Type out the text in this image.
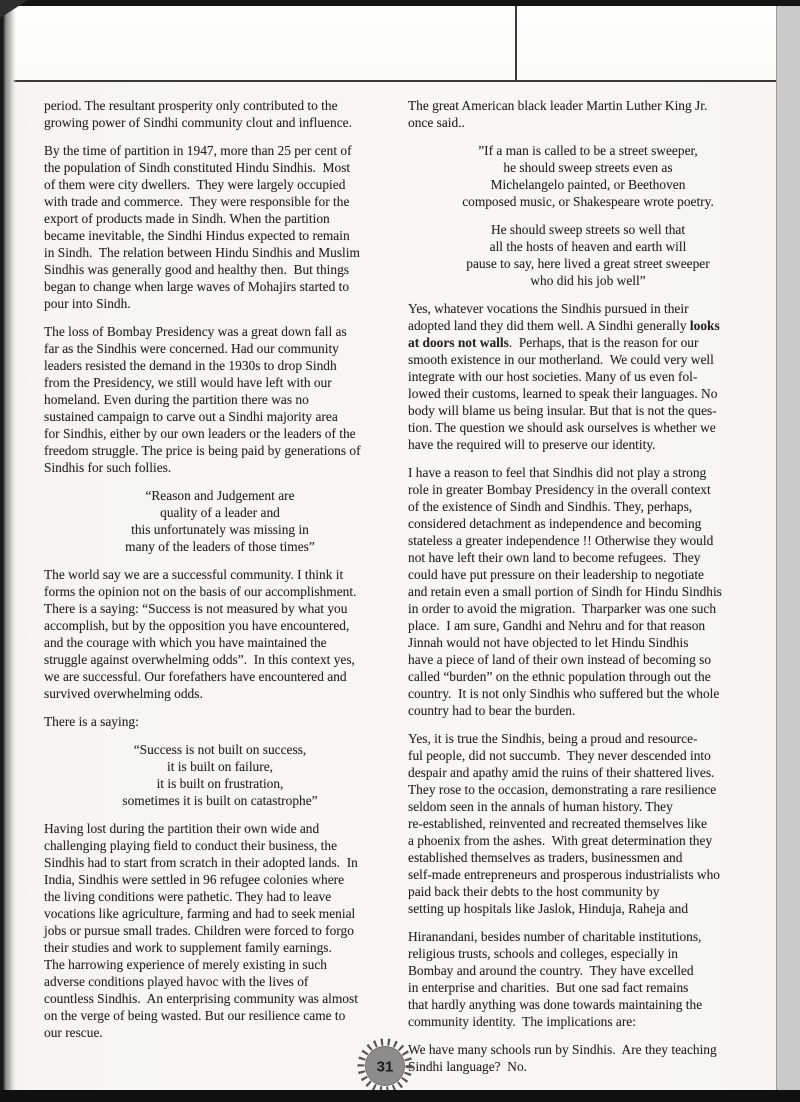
period. The resultant prosperity only contributed to the
growing power of Sindhi community clout and influence.
By the time of partition in 1947, more than 25 per cent of
the population of Sindh constituted Hindu Sindhis.  Most
of them were city dwellers.  They were largely occupied
with trade and commerce.  They were responsible for the
export of products made in Sindh. When the partition
became inevitable, the Sindhi Hindus expected to remain
in Sindh.  The relation between Hindu Sindhis and Muslim
Sindhis was generally good and healthy then.  But things
began to change when large waves of Mohajirs started to
pour into Sindh.
The loss of Bombay Presidency was a great down fall as
far as the Sindhis were concerned. Had our community
leaders resisted the demand in the 1930s to drop Sindh
from the Presidency, we still would have left with our
homeland. Even during the partition there was no
sustained campaign to carve out a Sindhi majority area
for Sindhis, either by our own leaders or the leaders of the
freedom struggle. The price is being paid by generations of
Sindhis for such follies.
“Reason and Judgement are
quality of a leader and
this unfortunately was missing in
many of the leaders of those times”
The world say we are a successful community. I think it
forms the opinion not on the basis of our accomplishment.
There is a saying: “Success is not measured by what you
accomplish, but by the opposition you have encountered,
and the courage with which you have maintained the
struggle against overwhelming odds”.  In this context yes,
we are successful. Our forefathers have encountered and
survived overwhelming odds.
There is a saying:
“Success is not built on success,
it is built on failure,
it is built on frustration,
sometimes it is built on catastrophe”
Having lost during the partition their own wide and
challenging playing field to conduct their business, the
Sindhis had to start from scratch in their adopted lands.  In
India, Sindhis were settled in 96 refugee colonies where
the living conditions were pathetic. They had to leave
vocations like agriculture, farming and had to seek menial
jobs or pursue small trades. Children were forced to forgo
their studies and work to supplement family earnings.
The harrowing experience of merely existing in such
adverse conditions played havoc with the lives of
countless Sindhis.  An enterprising community was almost
on the verge of being wasted. But our resilience came to
our rescue.
The great American black leader Martin Luther King Jr.
once said..
”If a man is called to be a street sweeper,
he should sweep streets even as
Michelangelo painted, or Beethoven
composed music, or Shakespeare wrote poetry.
He should sweep streets so well that
all the hosts of heaven and earth will
pause to say, here lived a great street sweeper
who did his job well”
Yes, whatever vocations the Sindhis pursued in their
adopted land they did them well. A Sindhi generally looks
at doors not walls.  Perhaps, that is the reason for our
smooth existence in our motherland.  We could very well
integrate with our host societies. Many of us even fol-
lowed their customs, learned to speak their languages. No
body will blame us being insular. But that is not the ques-
tion. The question we should ask ourselves is whether we
have the required will to preserve our identity.
I have a reason to feel that Sindhis did not play a strong
role in greater Bombay Presidency in the overall context
of the existence of Sindh and Sindhis. They, perhaps,
considered detachment as independence and becoming
stateless a greater independence !! Otherwise they would
not have left their own land to become refugees.  They
could have put pressure on their leadership to negotiate
and retain even a small portion of Sindh for Hindu Sindhis
in order to avoid the migration.  Tharparker was one such
place.  I am sure, Gandhi and Nehru and for that reason
Jinnah would not have objected to let Hindu Sindhis
have a piece of land of their own instead of becoming so
called “burden” on the ethnic population through out the
country.  It is not only Sindhis who suffered but the whole
country had to bear the burden.
Yes, it is true the Sindhis, being a proud and resource-
ful people, did not succumb.  They never descended into
despair and apathy amid the ruins of their shattered lives.
They rose to the occasion, demonstrating a rare resilience
seldom seen in the annals of human history. They
re-established, reinvented and recreated themselves like
a phoenix from the ashes.  With great determination they
established themselves as traders, businessmen and
self-made entrepreneurs and prosperous industrialists who
paid back their debts to the host community by
setting up hospitals like Jaslok, Hinduja, Raheja and
Hiranandani, besides number of charitable institutions,
religious trusts, schools and colleges, especially in
Bombay and around the country.  They have excelled
in enterprise and charities.  But one sad fact remains
that hardly anything was done towards maintaining the
community identity.  The implications are:
We have many schools run by Sindhis.  Are they teaching
Sindhi language?  No.
31
